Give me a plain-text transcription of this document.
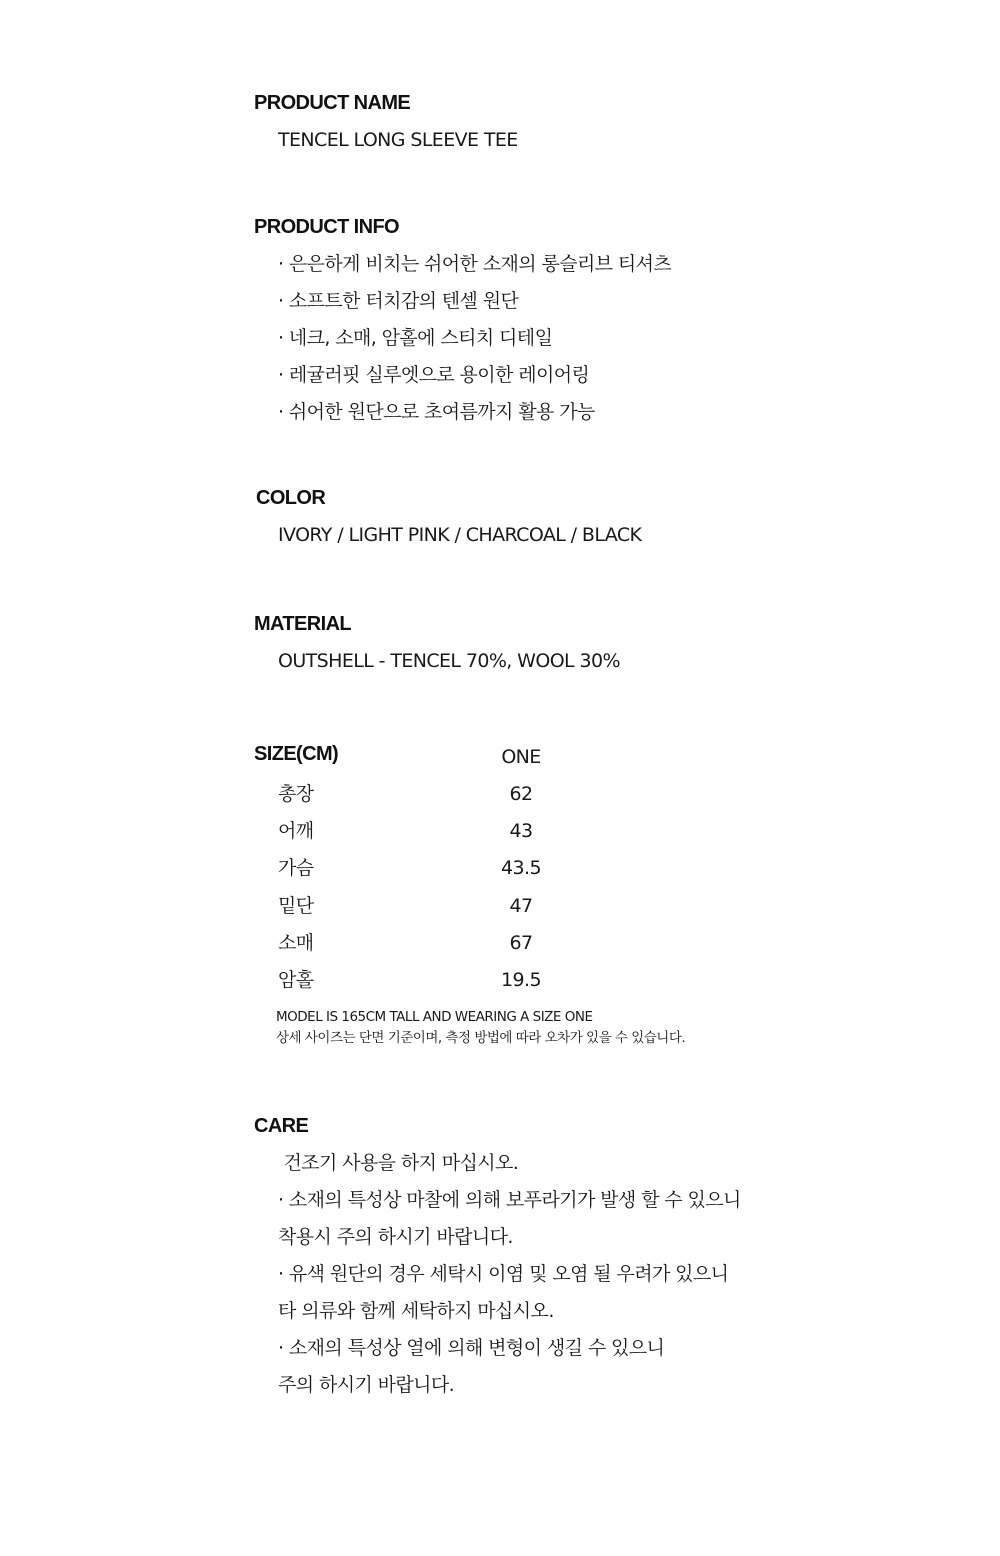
PRODUCT NAME
TENCEL LONG SLEEVE TEE
PRODUCT INFO
· 은은하게 비치는 쉬어한 소재의 롱슬리브 티셔츠
· 소프트한 터치감의 텐셀 원단
· 네크, 소매, 암홀에 스티치 디테일
· 레귤러핏 실루엣으로 용이한 레이어링
· 쉬어한 원단으로 초여름까지 활용 가능
COLOR
IVORY / LIGHT PINK / CHARCOAL / BLACK
MATERIAL
OUTSHELL - TENCEL 70%, WOOL 30%
SIZE(CM)	ONE
총장	62
어깨	43
가슴	43.5
밑단	47
소매	67
암홀	19.5
MODEL IS 165CM TALL AND WEARING A SIZE ONE
상세 사이즈는 단면 기준이며, 측정 방법에 따라 오차가 있을 수 있습니다.
CARE
건조기 사용을 하지 마십시오.
· 소재의 특성상 마찰에 의해 보푸라기가 발생 할 수 있으니
착용시 주의 하시기 바랍니다.
· 유색 원단의 경우 세탁시 이염 및 오염 될 우려가 있으니
타 의류와 함께 세탁하지 마십시오.
· 소재의 특성상 열에 의해 변형이 생길 수 있으니
주의 하시기 바랍니다.
